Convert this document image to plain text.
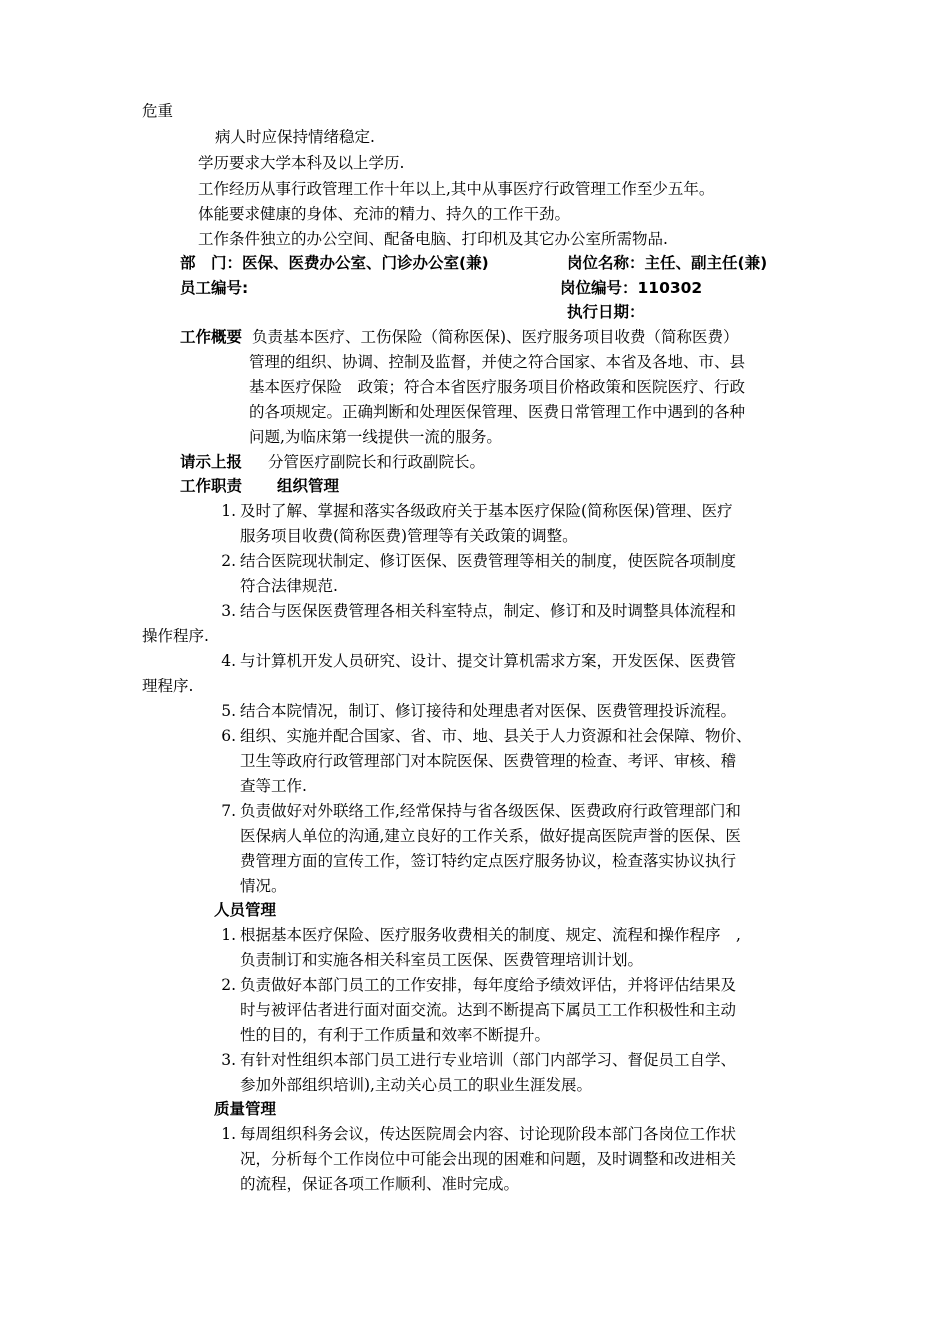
危重
病人时应保持情绪稳定.
学历要求大学本科及以上学历.
工作经历从事行政管理工作十年以上,其中从事医疗行政管理工作至少五年。
体能要求健康的身体、充沛的精力、持久的工作干劲。
工作条件独立的办公空间、配备电脑、打印机及其它办公室所需物品.
部　门：医保、医费办公室、门诊办公室(兼)	岗位名称：主任、副主任(兼)
员工编号:	岗位编号：110302
执行日期：
工作概要 负责基本医疗、工伤保险（简称医保)、医疗服务项目收费（简称医费）
管理的组织、协调、控制及监督，并使之符合国家、本省及各地、市、县
基本医疗保险　政策；符合本省医疗服务项目价格政策和医院医疗、行政
的各项规定。正确判断和处理医保管理、医费日常管理工作中遇到的各种
问题,为临床第一线提供一流的服务。
请示上报 分管医疗副院长和行政副院长。
工作职责 组织管理
1. 及时了解、掌握和落实各级政府关于基本医疗保险(简称医保)管理、医疗
服务项目收费(简称医费)管理等有关政策的调整。
2. 结合医院现状制定、修订医保、医费管理等相关的制度，使医院各项制度
符合法律规范.
3. 结合与医保医费管理各相关科室特点，制定、修订和及时调整具体流程和
操作程序.
4. 与计算机开发人员研究、设计、提交计算机需求方案，开发医保、医费管
理程序.
5. 结合本院情况，制订、修订接待和处理患者对医保、医费管理投诉流程。
6. 组织、实施并配合国家、省、市、地、县关于人力资源和社会保障、物价、
卫生等政府行政管理部门对本院医保、医费管理的检查、考评、审核、稽
查等工作.
7. 负责做好对外联络工作,经常保持与省各级医保、医费政府行政管理部门和
医保病人单位的沟通,建立良好的工作关系，做好提高医院声誉的医保、医
费管理方面的宣传工作，签订特约定点医疗服务协议，检查落实协议执行
情况。
人员管理
1. 根据基本医疗保险、医疗服务收费相关的制度、规定、流程和操作程序　,
负责制订和实施各相关科室员工医保、医费管理培训计划。
2. 负责做好本部门员工的工作安排，每年度给予绩效评估，并将评估结果及
时与被评估者进行面对面交流。达到不断提高下属员工工作积极性和主动
性的目的，有利于工作质量和效率不断提升。
3. 有针对性组织本部门员工进行专业培训（部门内部学习、督促员工自学、
参加外部组织培训),主动关心员工的职业生涯发展。
质量管理
1. 每周组织科务会议，传达医院周会内容、讨论现阶段本部门各岗位工作状
况，分析每个工作岗位中可能会出现的困难和问题，及时调整和改进相关
的流程，保证各项工作顺利、准时完成。
